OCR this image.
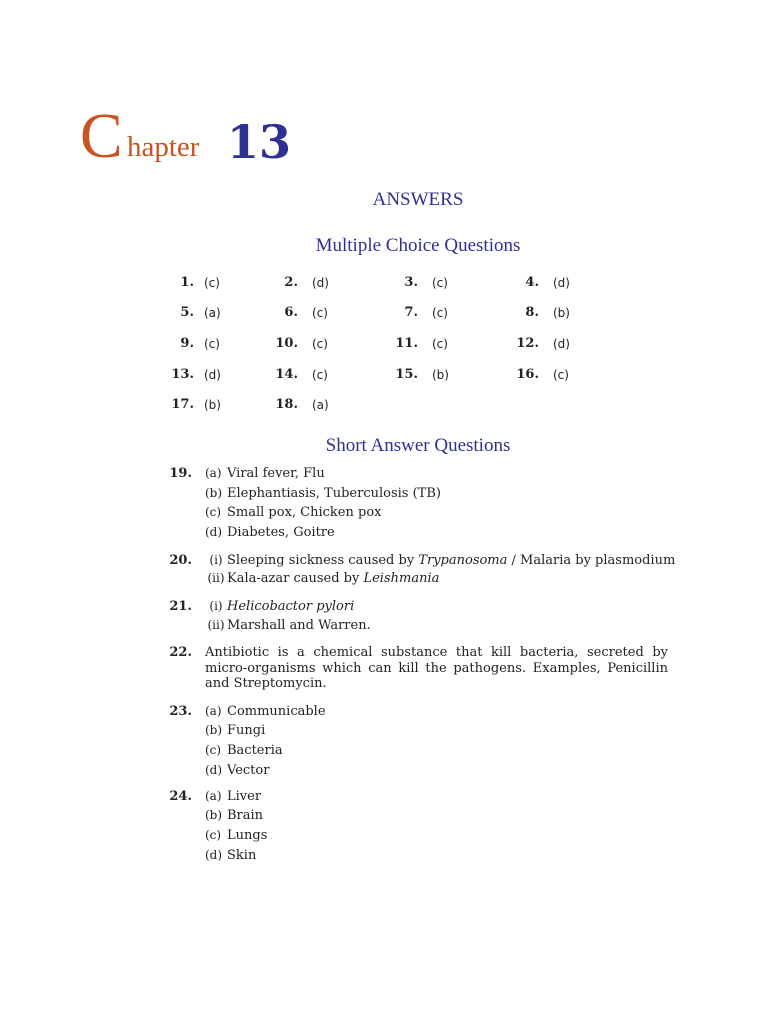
C hapter 13
ANSWERS
Multiple Choice Questions
1. (c)	2. (d)	3. (c)	4. (d)
5. (a)	6. (c)	7. (c)	8. (b)
9. (c)	10. (c)	11. (c)	12. (d)
13. (d)	14. (c)	15. (b)	16. (c)
17. (b)	18. (a)
Short Answer Questions
19. (a) Viral fever, Flu
(b) Elephantiasis, Tuberculosis (TB)
(c) Small pox, Chicken pox
(d) Diabetes, Goitre
20.	(i) Sleeping sickness caused by Trypanosoma / Malaria by plasmodium
(ii) Kala-azar caused by Leishmania
21.	(i) Helicobactor pylori
(ii) Marshall and Warren.
22. Antibiotic is a chemical substance that kill bacteria, secreted by micro-organisms which can kill the pathogens. Examples, Penicillin and Streptomycin.
23. (a) Communicable
(b) Fungi
(c) Bacteria
(d) Vector
24. (a) Liver
(b) Brain
(c) Lungs
(d) Skin
